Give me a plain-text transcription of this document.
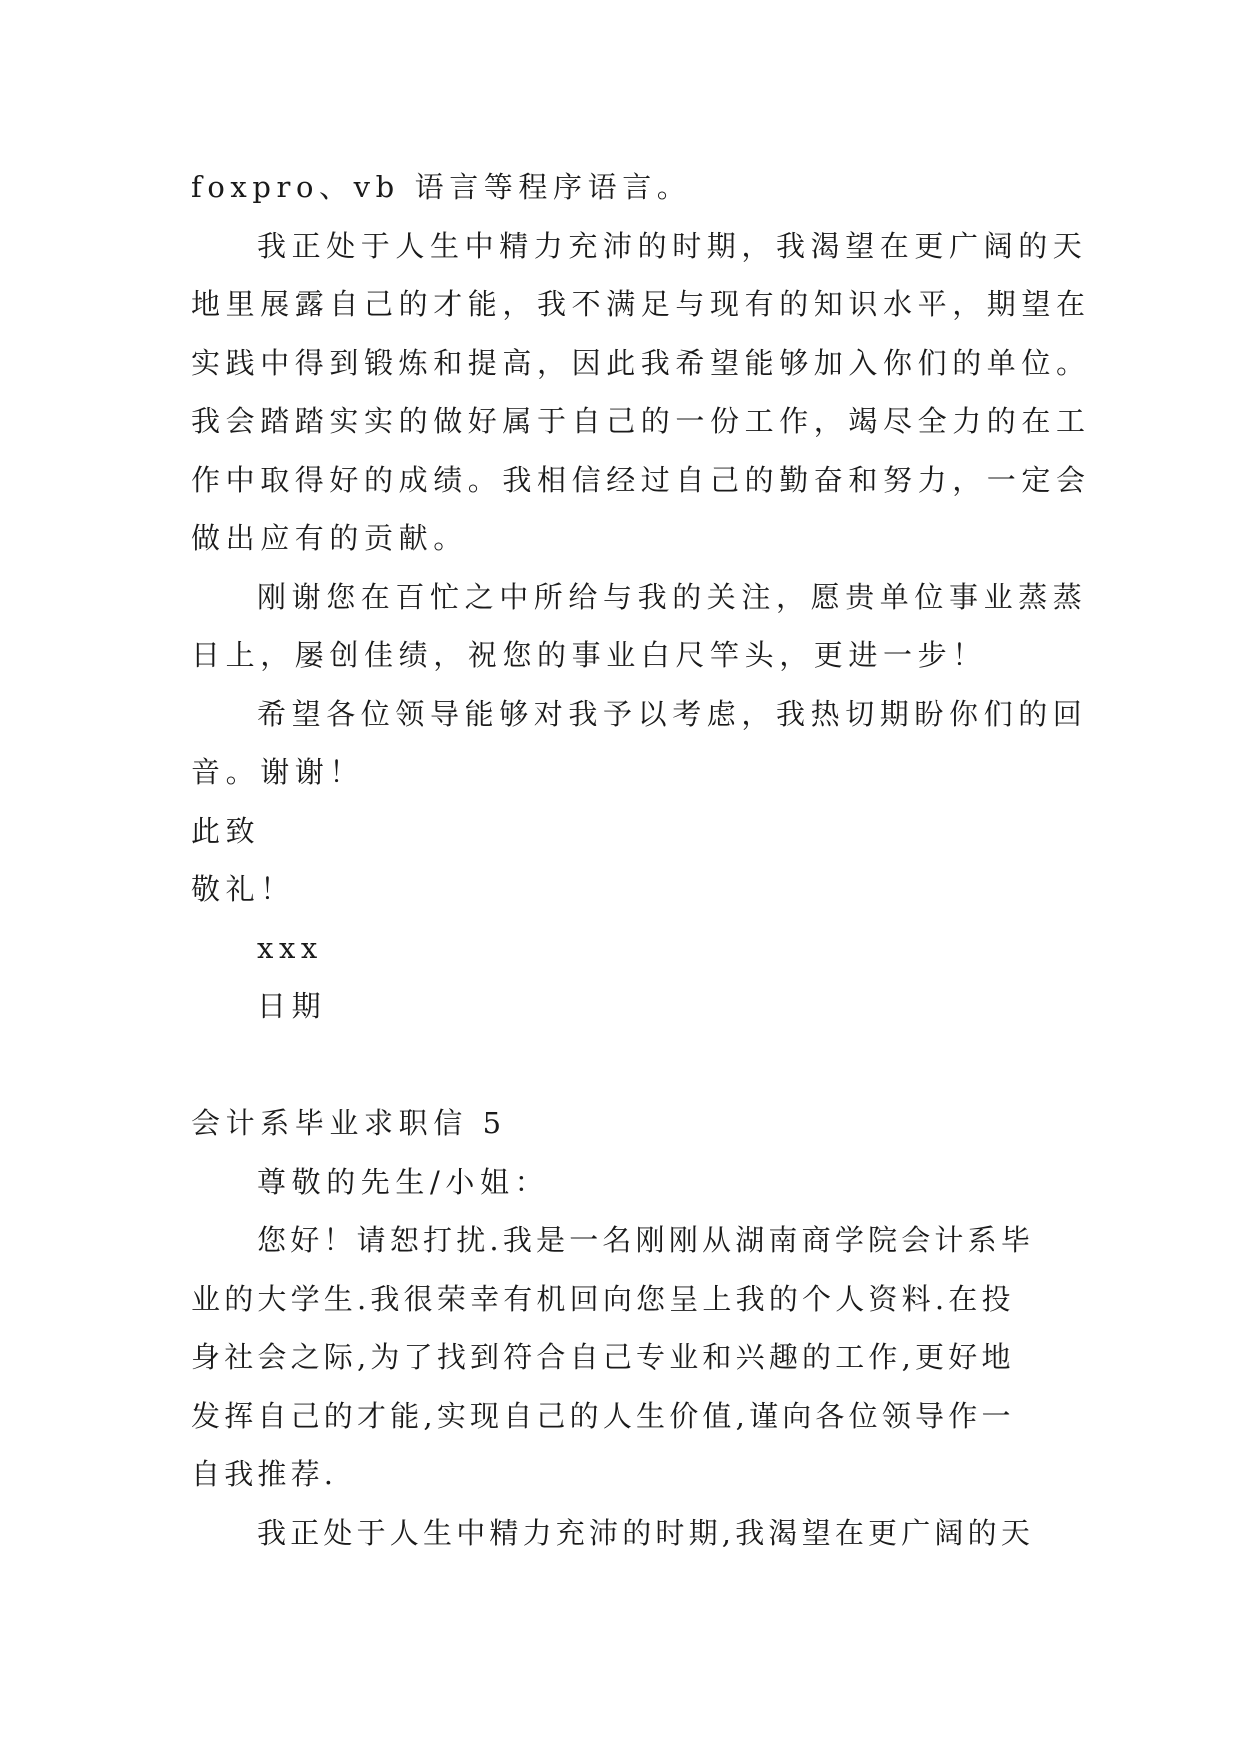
foxpro、vb 语言等程序语言。
我正处于人生中精力充沛的时期，我渴望在更广阔的天
地里展露自己的才能，我不满足与现有的知识水平，期望在
实践中得到锻炼和提高，因此我希望能够加入你们的单位。
我会踏踏实实的做好属于自己的一份工作，竭尽全力的在工
作中取得好的成绩。我相信经过自己的勤奋和努力，一定会
做出应有的贡献。
刚谢您在百忙之中所给与我的关注，愿贵单位事业蒸蒸
日上，屡创佳绩，祝您的事业白尺竿头，更进一步！
希望各位领导能够对我予以考虑，我热切期盼你们的回
音。谢谢！
此致
敬礼！
xxx
日期
会计系毕业求职信 5
尊敬的先生/小姐：
您好！请恕打扰.我是一名刚刚从湖南商学院会计系毕
业的大学生.我很荣幸有机回向您呈上我的个人资料.在投
身社会之际,为了找到符合自己专业和兴趣的工作,更好地
发挥自己的才能,实现自己的人生价值,谨向各位领导作一
自我推荐.
我正处于人生中精力充沛的时期,我渴望在更广阔的天
